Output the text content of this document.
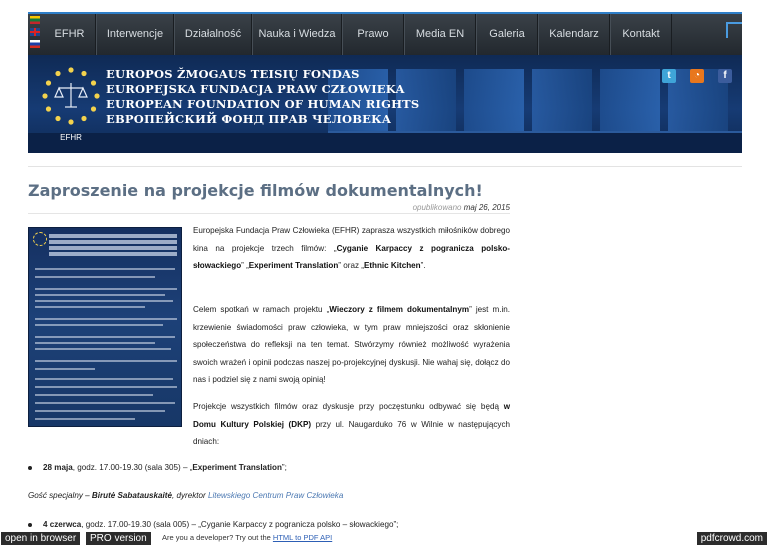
EFHR	Interwencje	Działalność	Nauka i Wiedza	Prawo	Media EN	Galeria	Kalendarz	Kontakt
EFHR
EUROPOS ŽMOGAUS TEISIŲ FONDAS
EUROPEJSKA FUNDACJA PRAW CZŁOWIEKA
EUROPEAN FOUNDATION OF HUMAN RIGHTS
ЕВРОПЕЙСКИЙ ФОНД ПРАВ ЧЕЛОВЕКА
t	◔	f
Zaproszenie na projekcje filmów dokumentalnych!
opublikowano maj 26, 2015
Europejska Fundacja Praw Człowieka (EFHR) zaprasza wszystkich miłośników dobrego kina na projekcje trzech filmów: „Cyganie Karpaccy z pogranicza polsko-słowackiego” „Experiment Translation” oraz „Ethnic Kitchen”.
Celem spotkań w ramach projektu „Wieczory z filmem dokumentalnym” jest m.in. krzewienie świadomości praw człowieka, w tym praw mniejszości oraz skłonienie społeczeństwa do refleksji na ten temat. Stwórzymy również możliwość wyrażenia swoich wrażeń i opinii podczas naszej po-projekcyjnej dyskusji. Nie wahaj się, dołącz do nas i podziel się z nami swoją opinią!
Projekcje wszystkich filmów oraz dyskusje przy poczęstunku odbywać się będą w Domu Kultury Polskiej (DKP) przy ul. Naugarduko 76 w Wilnie w następujących dniach:
28 maja, godz. 17.00-19.30 (sala 305) – „Experiment Translation”;
Gość specjalny – Birutė Sabatauskaitė, dyrektor Litewskiego Centrum Praw Człowieka
4 czerwca, godz. 17.00-19.30 (sala 005) – „Cyganie Karpaccy z pogranicza polsko – słowackiego”;
open in browser	PRO version	Are you a developer? Try out the HTML to PDF API	pdfcrowd.com
